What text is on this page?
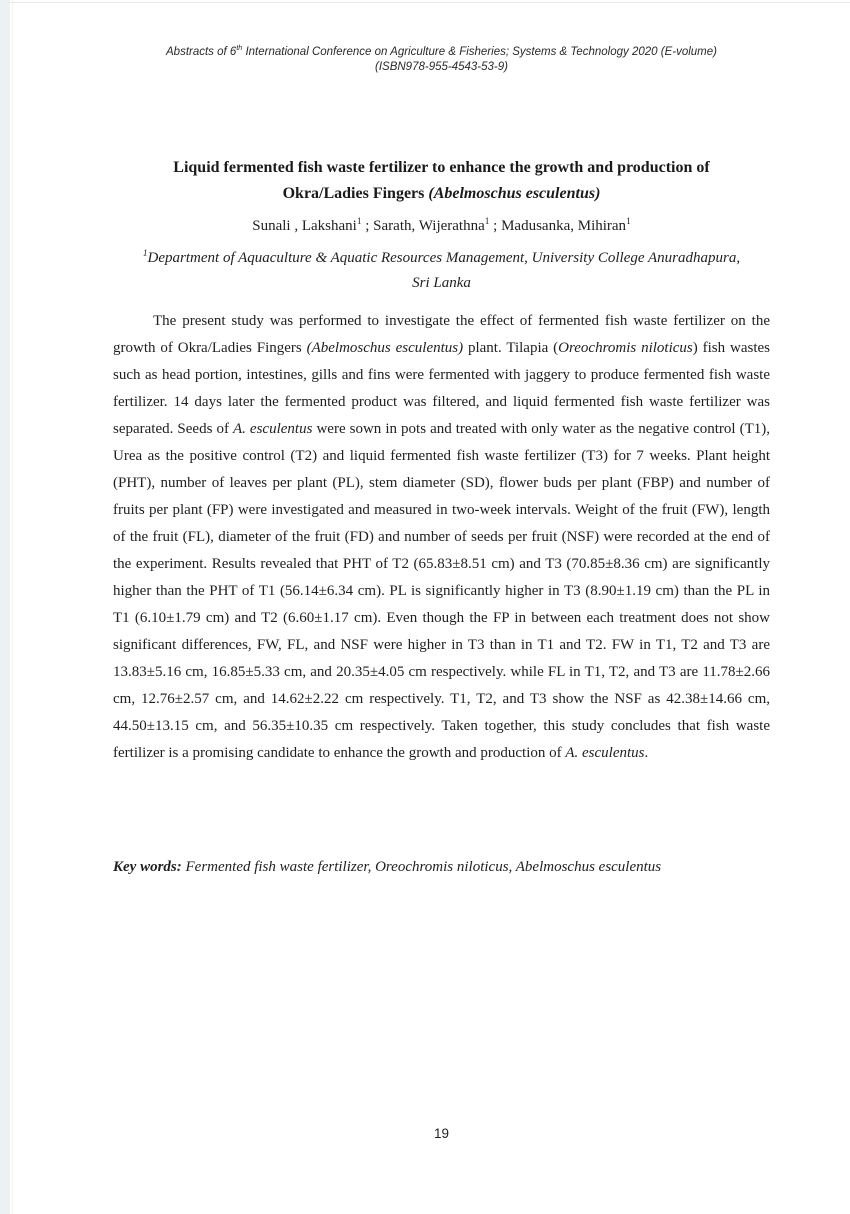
Abstracts of 6th International Conference on Agriculture & Fisheries; Systems & Technology 2020 (E-volume)
(ISBN978-955-4543-53-9)
Liquid fermented fish waste fertilizer to enhance the growth and production of
Okra/Ladies Fingers (Abelmoschus esculentus)
Sunali , Lakshani$^1$ ; Sarath, Wijerathna$^1$ ; Madusanka, Mihiran$^1$
$^1$Department of Aquaculture & Aquatic Resources Management, University College Anuradhapura,
Sri Lanka

The present study was performed to investigate the effect of fermented fish waste fertilizer on the growth of Okra/Ladies Fingers (Abelmoschus esculentus) plant. Tilapia (Oreochromis niloticus) fish wastes such as head portion, intestines, gills and fins were fermented with jaggery to produce fermented fish waste fertilizer. 14 days later the fermented product was filtered, and liquid fermented fish waste fertilizer was separated. Seeds of A. esculentus were sown in pots and treated with only water as the negative control (T1), Urea as the positive control (T2) and liquid fermented fish waste fertilizer (T3) for 7 weeks. Plant height (PHT), number of leaves per plant (PL), stem diameter (SD), flower buds per plant (FBP) and number of fruits per plant (FP) were investigated and measured in two-week intervals. Weight of the fruit (FW), length of the fruit (FL), diameter of the fruit (FD) and number of seeds per fruit (NSF) were recorded at the end of the experiment. Results revealed that PHT of T2 (65.83±8.51 cm) and T3 (70.85±8.36 cm) are significantly higher than the PHT of T1 (56.14±6.34 cm). PL is significantly higher in T3 (8.90±1.19 cm) than the PL in T1 (6.10±1.79 cm) and T2 (6.60±1.17 cm). Even though the FP in between each treatment does not show significant differences, FW, FL, and NSF were higher in T3 than in T1 and T2. FW in T1, T2 and T3 are 13.83±5.16 cm, 16.85±5.33 cm, and 20.35±4.05 cm respectively. while FL in T1, T2, and T3 are 11.78±2.66 cm, 12.76±2.57 cm, and 14.62±2.22 cm respectively. T1, T2, and T3 show the NSF as 42.38±14.66 cm, 44.50±13.15 cm, and 56.35±10.35 cm respectively. Taken together, this study concludes that fish waste fertilizer is a promising candidate to enhance the growth and production of A. esculentus.

Key words: Fermented fish waste fertilizer, Oreochromis niloticus, Abelmoschus esculentus
19
